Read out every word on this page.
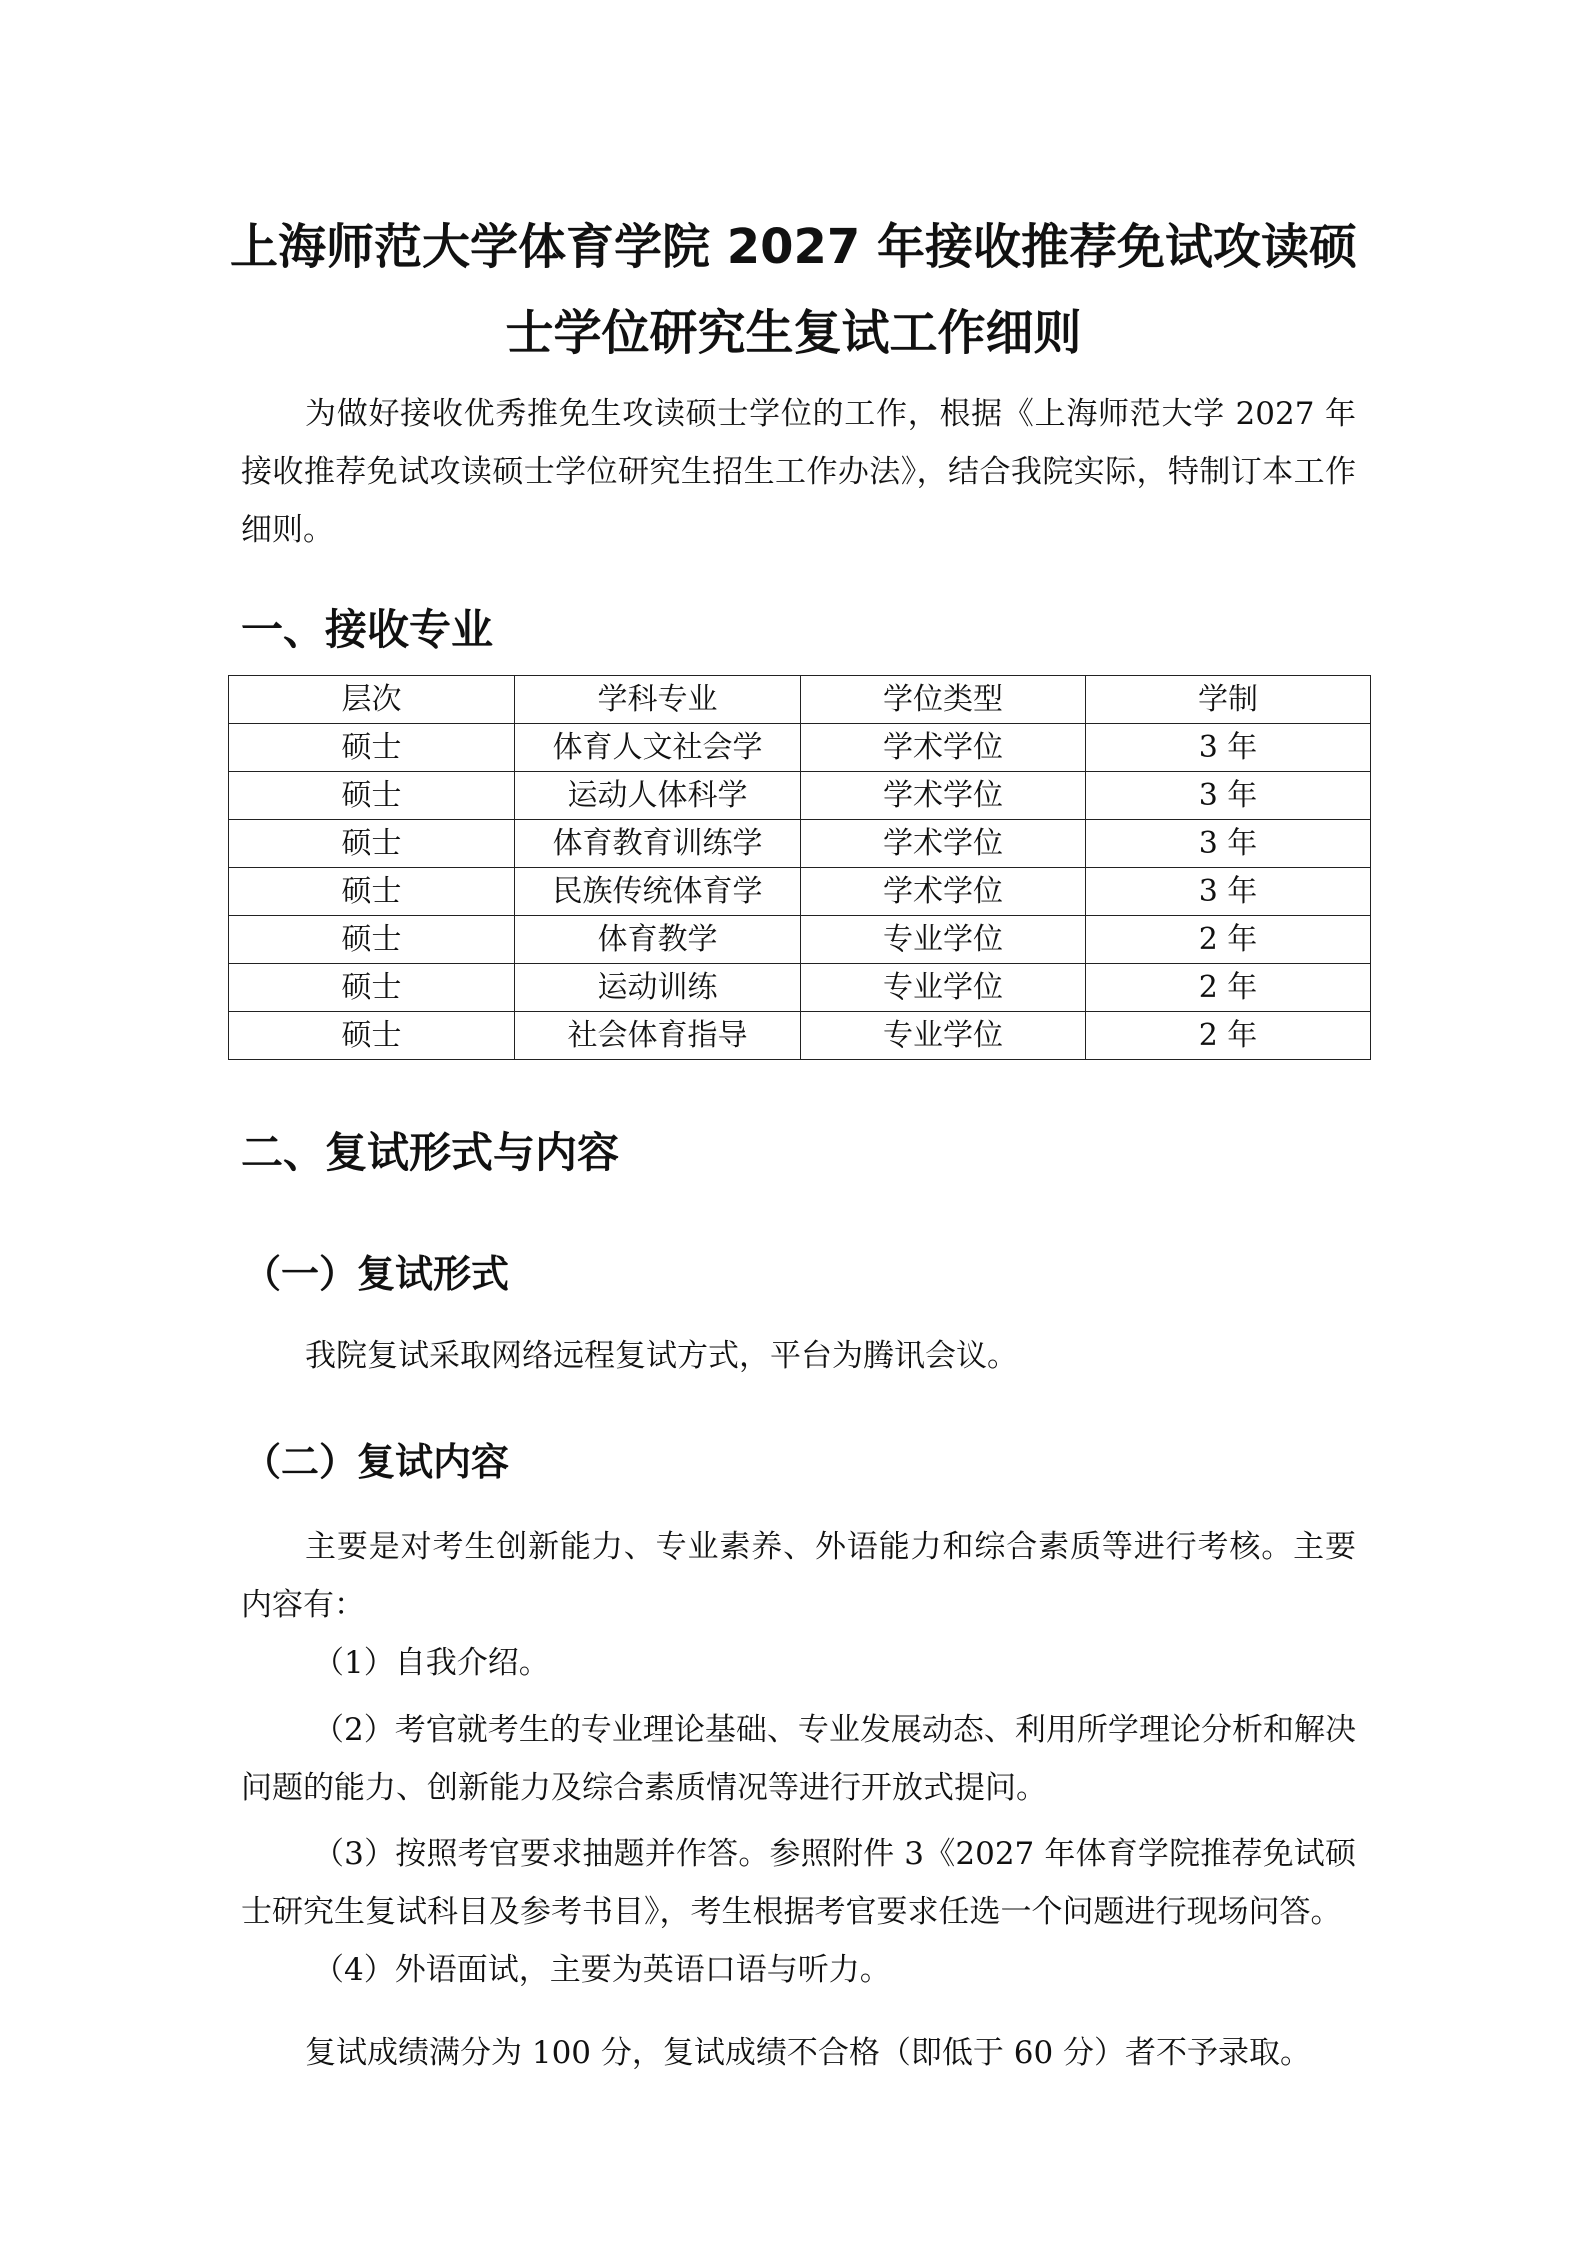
上海师范大学体育学院 2027 年接收推荐免试攻读硕
士学位研究生复试工作细则

为做好接收优秀推免生攻读硕士学位的工作，根据《上海师范大学 2027 年接收推荐免试攻读硕士学位研究生招生工作办法》，结合我院实际，特制订本工作细则。

一、接收专业
层次	学科专业	学位类型	学制
硕士	体育人文社会学	学术学位	3 年
硕士	运动人体科学	学术学位	3 年
硕士	体育教育训练学	学术学位	3 年
硕士	民族传统体育学	学术学位	3 年
硕士	体育教学	专业学位	2 年
硕士	运动训练	专业学位	2 年
硕士	社会体育指导	专业学位	2 年
二、复试形式与内容
（一）复试形式

我院复试采取网络远程复试方式，平台为腾讯会议。

（二）复试内容

主要是对考生创新能力、专业素养、外语能力和综合素质等进行考核。主要内容有：

（1）自我介绍。

（2）考官就考生的专业理论基础、专业发展动态、利用所学理论分析和解决问题的能力、创新能力及综合素质情况等进行开放式提问。

（3）按照考官要求抽题并作答。参照附件 3《2027 年体育学院推荐免试硕士研究生复试科目及参考书目》，考生根据考官要求任选一个问题进行现场问答。

（4）外语面试，主要为英语口语与听力。

复试成绩满分为 100 分，复试成绩不合格（即低于 60 分）者不予录取。
